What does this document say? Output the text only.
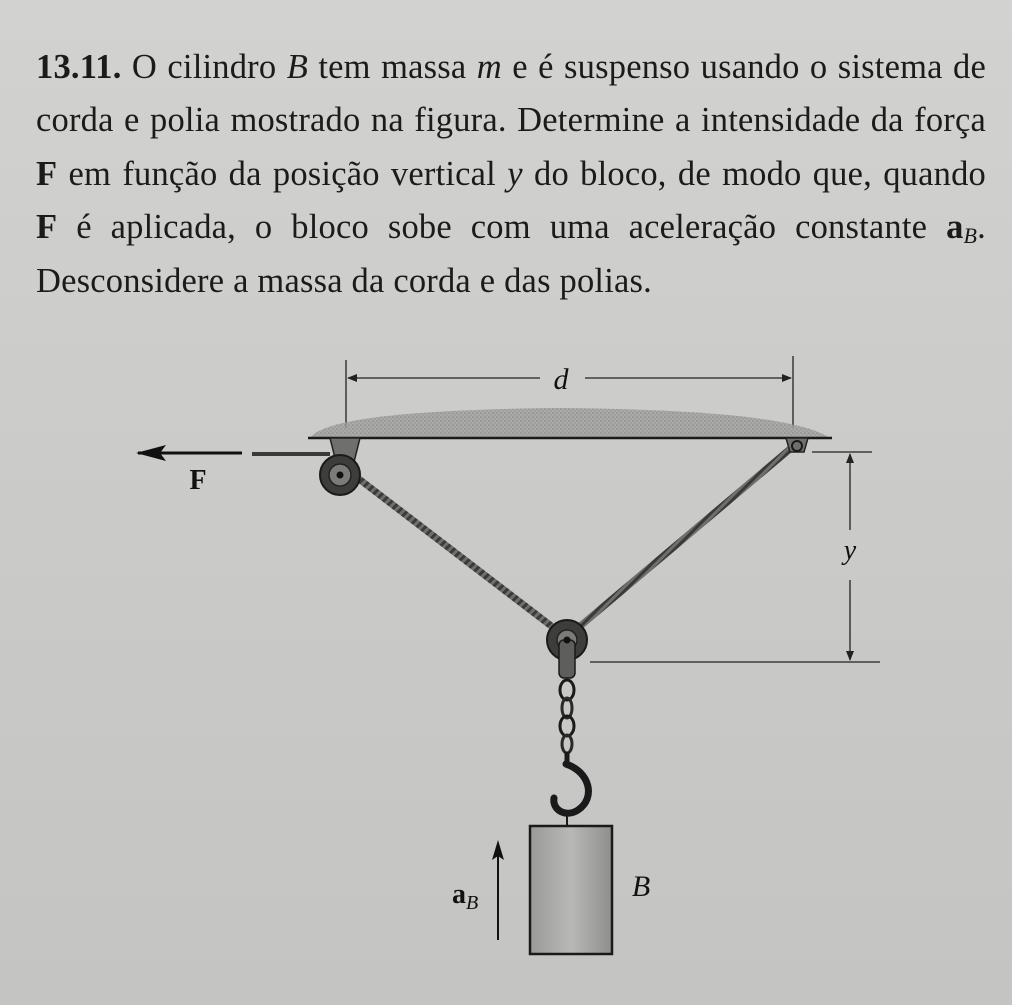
13.11. O cilindro B tem massa m e é suspenso usando o sistema de corda e polia mostrado na figura. Determine a intensidade da força F em função da posição vertical y do bloco, de modo que, quando F é aplicada, o bloco sobe com uma aceleração constante $a_B$. Desconsidere a massa da corda e das polias.

d
F
y
B
$a_B$
